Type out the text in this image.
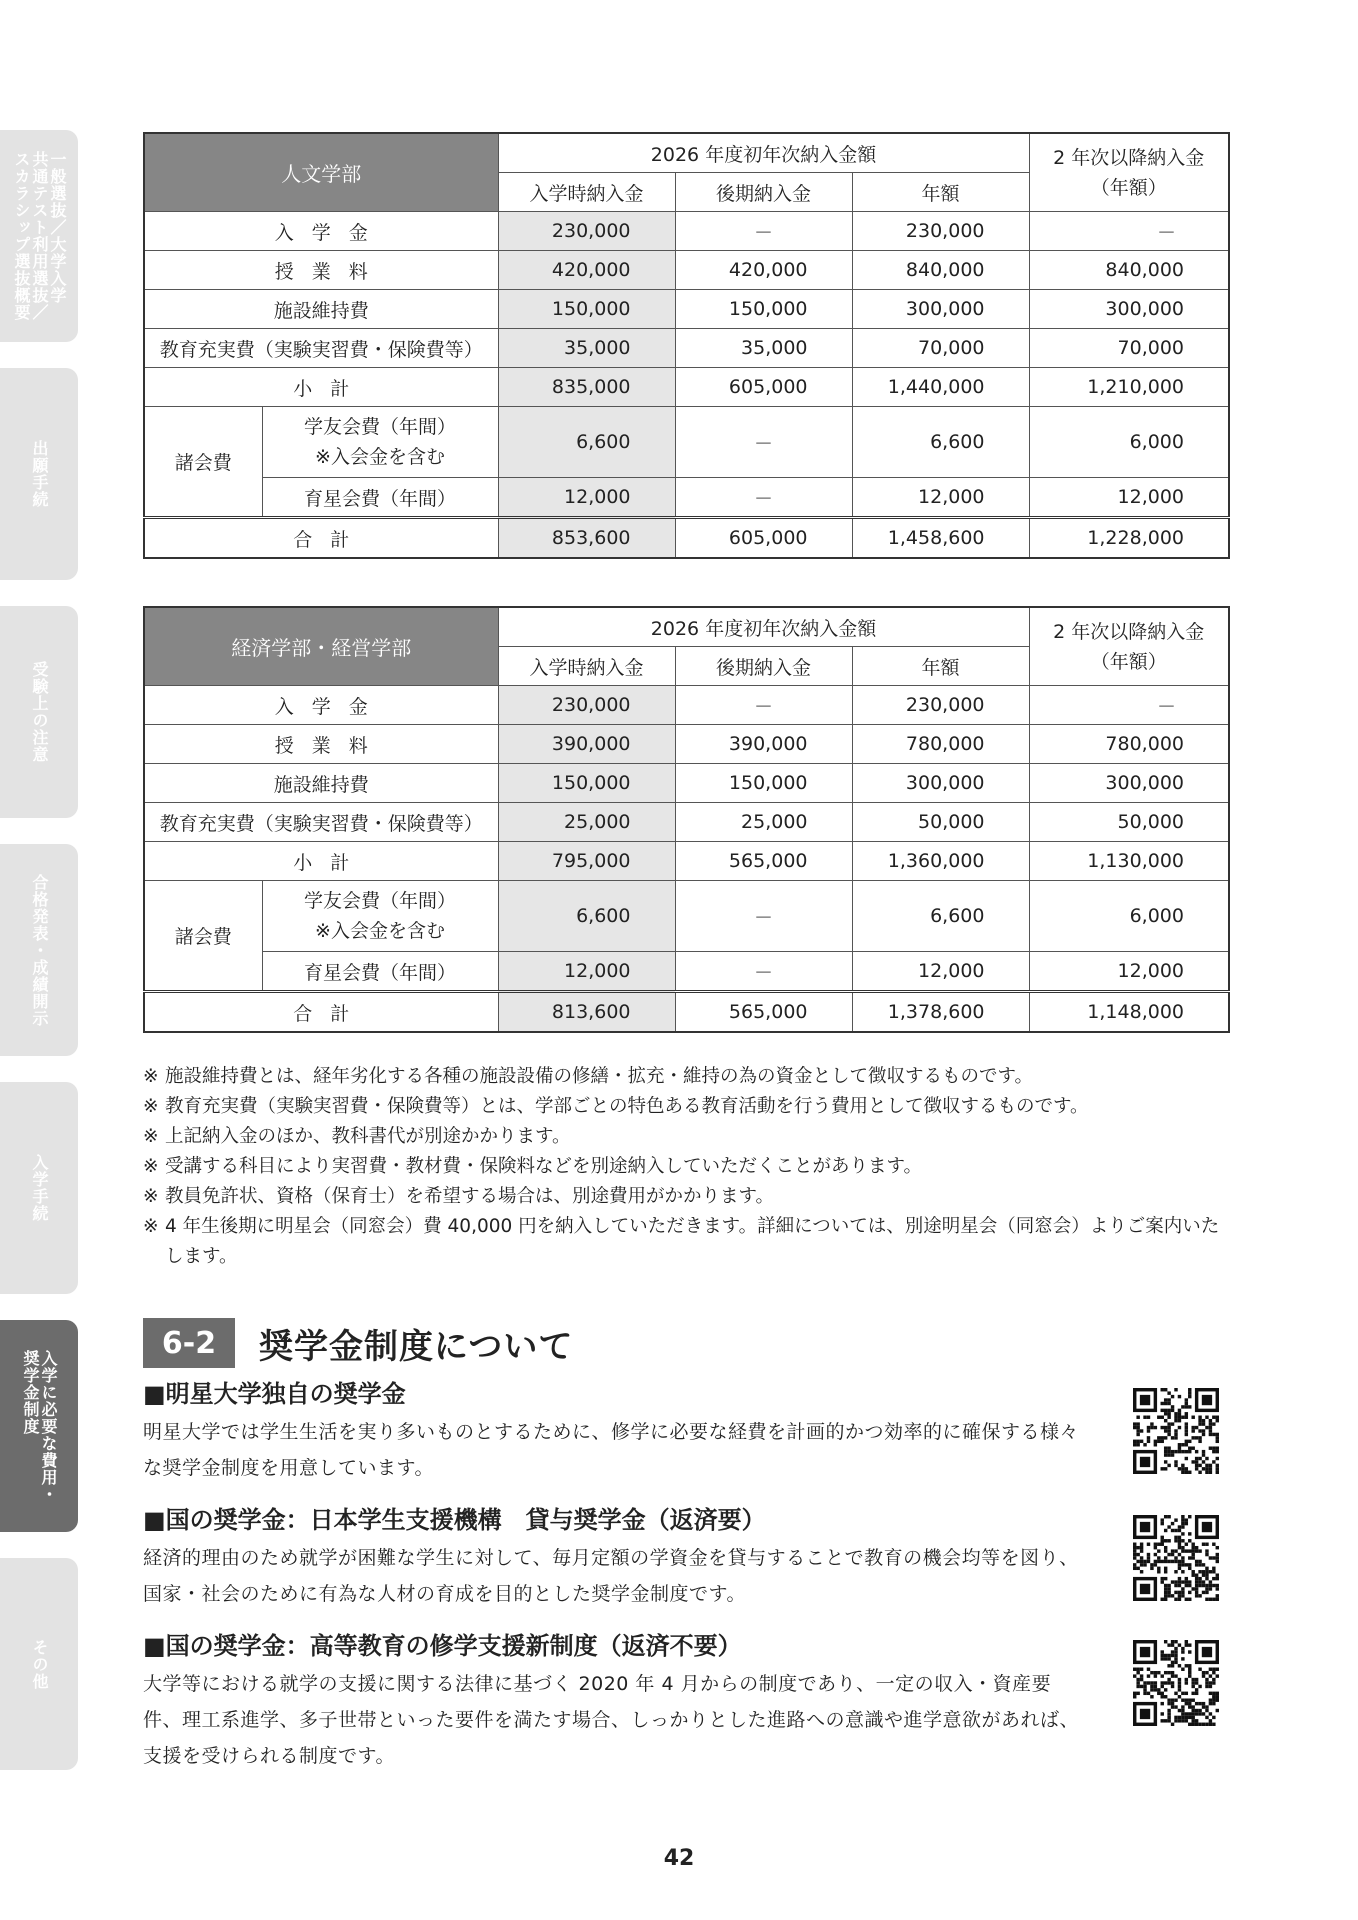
一般選抜／大学入学
共通テスト利用選抜／
スカラシップ選抜概要
出願手続
受験上の注意
合格発表・成績開示
入学手続
入学に必要な費用・
奨学金制度
その他
人文学部		2026 年度初年次納入金額			2 年次以降納入金
（年額）

		入学時納入金	後期納入金	年額	
入学金		230,000	－	230,000	－
授業料		420,000	420,000	840,000	840,000
施設維持費		150,000	150,000	300,000	300,000
教育充実費（実験実習費・保険費等）		35,000	35,000	70,000	70,000
小計		835,000	605,000	1,440,000	1,210,000
諸会費	学友会費（年間）
※入会金を含む	6,600	－	6,600	6,000
	育星会費（年間）	12,000	－	12,000	12,000
合計		853,600	605,000	1,458,600	1,228,000
経済学部・経営学部		2026 年度初年次納入金額			2 年次以降納入金
（年額）

		入学時納入金	後期納入金	年額	
入学金		230,000	－	230,000	－
授業料		390,000	390,000	780,000	780,000
施設維持費		150,000	150,000	300,000	300,000
教育充実費（実験実習費・保険費等）		25,000	25,000	50,000	50,000
小計		795,000	565,000	1,360,000	1,130,000
諸会費	学友会費（年間）
※入会金を含む	6,600	－	6,600	6,000
	育星会費（年間）	12,000	－	12,000	12,000
合計		813,600	565,000	1,378,600	1,148,000
※ 施設維持費とは、経年劣化する各種の施設設備の修繕・拡充・維持の為の資金として徴収するものです。
※ 教育充実費（実験実習費・保険費等）とは、学部ごとの特色ある教育活動を行う費用として徴収するものです。
※ 上記納入金のほか、教科書代が別途かかります。
※ 受講する科目により実習費・教材費・保険料などを別途納入していただくことがあります。
※ 教員免許状、資格（保育士）を希望する場合は、別途費用がかかります。
※ 4 年生後期に明星会（同窓会）費 40,000 円を納入していただきます。詳細については、別途明星会（同窓会）よりご案内いたします。
6-2	奨学金制度について
■明星大学独自の奨学金
明星大学では学生生活を実り多いものとするために、修学に必要な経費を計画的かつ効率的に確保する様々な奨学金制度を用意しています。
■国の奨学金：日本学生支援機構　貸与奨学金（返済要）
経済的理由のため就学が困難な学生に対して、毎月定額の学資金を貸与することで教育の機会均等を図り、国家・社会のために有為な人材の育成を目的とした奨学金制度です。
■国の奨学金：高等教育の修学支援新制度（返済不要）
大学等における就学の支援に関する法律に基づく 2020 年 4 月からの制度であり、一定の収入・資産要件、理工系進学、多子世帯といった要件を満たす場合、しっかりとした進路への意識や進学意欲があれば、支援を受けられる制度です。
42
